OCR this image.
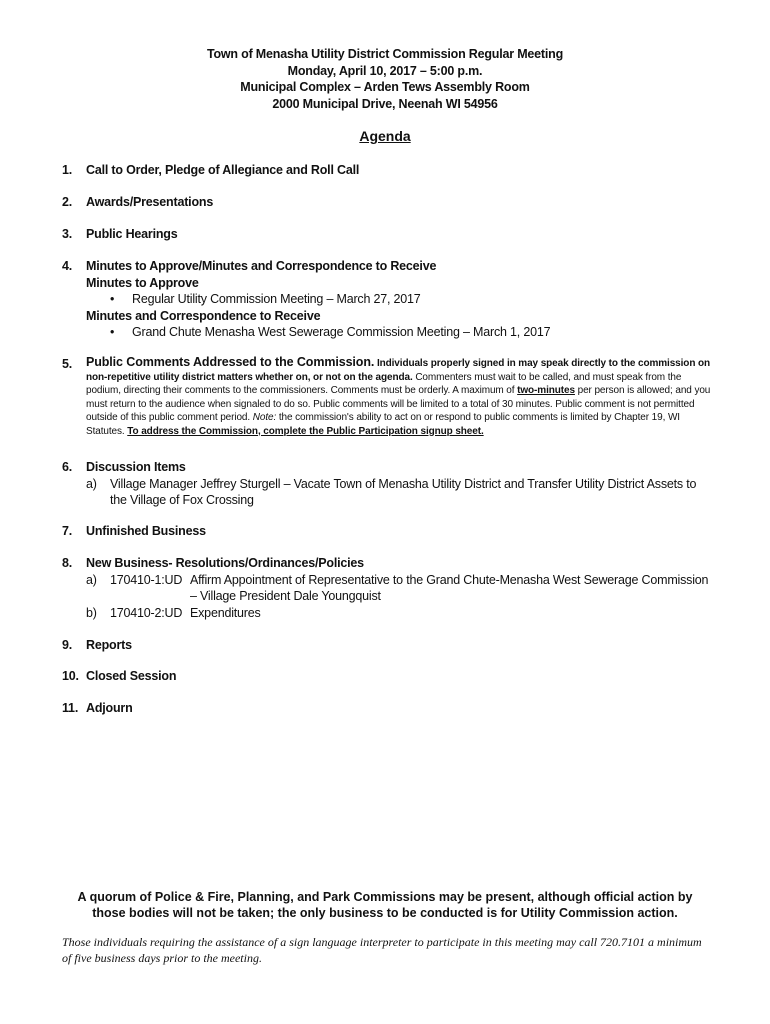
Town of Menasha Utility District Commission Regular Meeting
Monday, April 10, 2017 – 5:00 p.m.
Municipal Complex – Arden Tews Assembly Room
2000 Municipal Drive, Neenah WI 54956
Agenda
1. Call to Order, Pledge of Allegiance and Roll Call
2. Awards/Presentations
3. Public Hearings
4. Minutes to Approve/Minutes and Correspondence to Receive
Minutes to Approve
•	Regular Utility Commission Meeting – March 27, 2017
Minutes and Correspondence to Receive
•	Grand Chute Menasha West Sewerage Commission Meeting – March 1, 2017
5. Public Comments Addressed to the Commission. Individuals properly signed in may speak directly to the commission on non-repetitive utility district matters whether on, or not on the agenda. Commenters must wait to be called, and must speak from the podium, directing their comments to the commissioners. Comments must be orderly. A maximum of two-minutes per person is allowed; and you must return to the audience when signaled to do so. Public comments will be limited to a total of 30 minutes. Public comment is not permitted outside of this public comment period. Note: the commission's ability to act on or respond to public comments is limited by Chapter 19, WI Statutes. To address the Commission, complete the Public Participation signup sheet.
6. Discussion Items
a)	Village Manager Jeffrey Sturgell – Vacate Town of Menasha Utility District and Transfer Utility District Assets to the Village of Fox Crossing
7. Unfinished Business
8. New Business- Resolutions/Ordinances/Policies
a)	170410-1:UD Affirm Appointment of Representative to the Grand Chute-Menasha West Sewerage Commission – Village President Dale Youngquist
b)	170410-2:UD Expenditures
9. Reports
10. Closed Session
11. Adjourn
A quorum of Police & Fire, Planning, and Park Commissions may be present, although official action by those bodies will not be taken; the only business to be conducted is for Utility Commission action.
Those individuals requiring the assistance of a sign language interpreter to participate in this meeting may call 720.7101 a minimum of five business days prior to the meeting.
